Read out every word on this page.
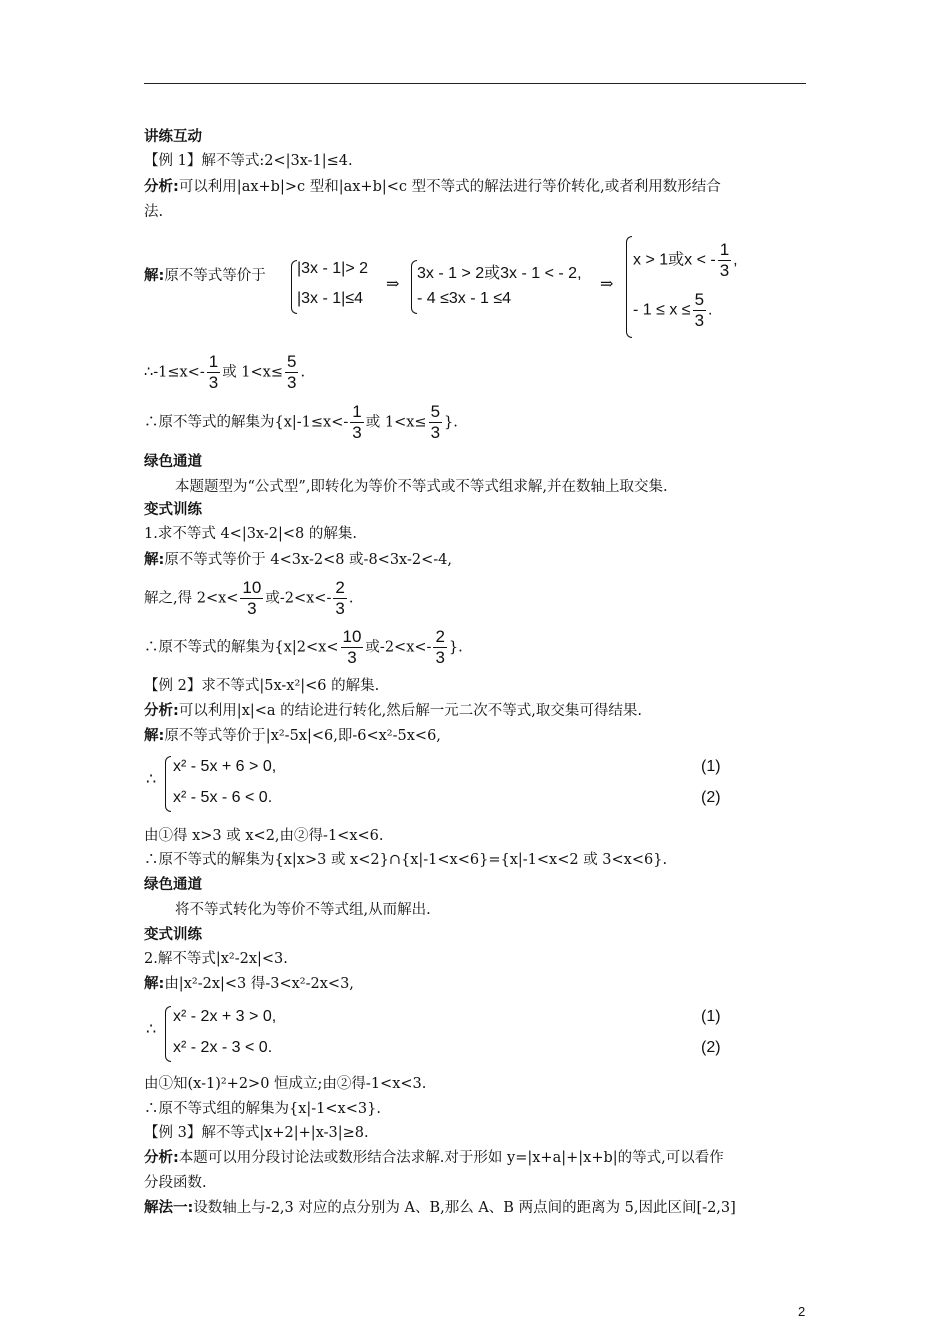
讲练互动
【例 1】解不等式:2<|3x-1|≤4.
分析:可以利用|ax+b|>c 型和|ax+b|<c 型不等式的解法进行等价转化,或者利用数形结合
法.
解:原不等式等价于 |3x - 1|> 2
|3x - 1|≤4
⇒
3x - 1 > 2或3x - 1 < - 2,
- 4 ≤3x - 1 ≤4
⇒
x > 1或x < - $\frac{1}{3}$ ,
- $1 \le x \le \frac{5}{3}$ .
∴-1≤x<- $\frac{1}{3}$ 或 $1<x\le \frac{5}{3}$ .
∴原不等式的解集为{$x|-1\le x<- \frac{1}{3}$ 或 $1<x\le \frac{5}{3}$ }.
绿色通道
本题题型为“公式型”,即转化为等价不等式或不等式组求解,并在数轴上取交集.
变式训练
1.求不等式 4<|3x-2|<8 的解集.
解:原不等式等价于 4<3x-2<8 或-8<3x-2<-4,
解之,得 $2<x< \frac{10}{3}$ 或$-2<x<- \frac{2}{3}$ .
∴原不等式的解集为{$x|2<x< \frac{10}{3}$ 或$-2<x<- \frac{2}{3}$ }.
【例 2】求不等式|5x-x²|<6 的解集.
分析:可以利用|x|<a 的结论进行转化,然后解一元二次不等式,取交集可得结果.
解:原不等式等价于|x²-5x|<6,即-6<x²-5x<6,
∴
x² - 5x + 6 > 0,
x² - 5x - 6 < 0.
(1)
(2)
由①得 x>3 或 x<2,由②得-1<x<6.
∴原不等式的解集为{x|x>3 或 x<2}∩{x|-1<x<6}={x|-1<x<2 或 3<x<6}.
绿色通道
将不等式转化为等价不等式组,从而解出.
变式训练
2.解不等式|x²-2x|<3.
解:由|x²-2x|<3 得-3<x²-2x<3,
∴
x² - 2x + 3 > 0,
x² - 2x - 3 < 0.
(1)
(2)
由①知(x-1)²+2>0 恒成立;由②得-1<x<3.
∴原不等式组的解集为{x|-1<x<3}.
【例 3】解不等式|x+2|+|x-3|≥8.
分析:本题可以用分段讨论法或数形结合法求解.对于形如 y=|x+a|+|x+b|的等式,可以看作
分段函数.
解法一:设数轴上与-2,3 对应的点分别为 A、B,那么 A、B 两点间的距离为 5,因此区间[-2,3]
2
